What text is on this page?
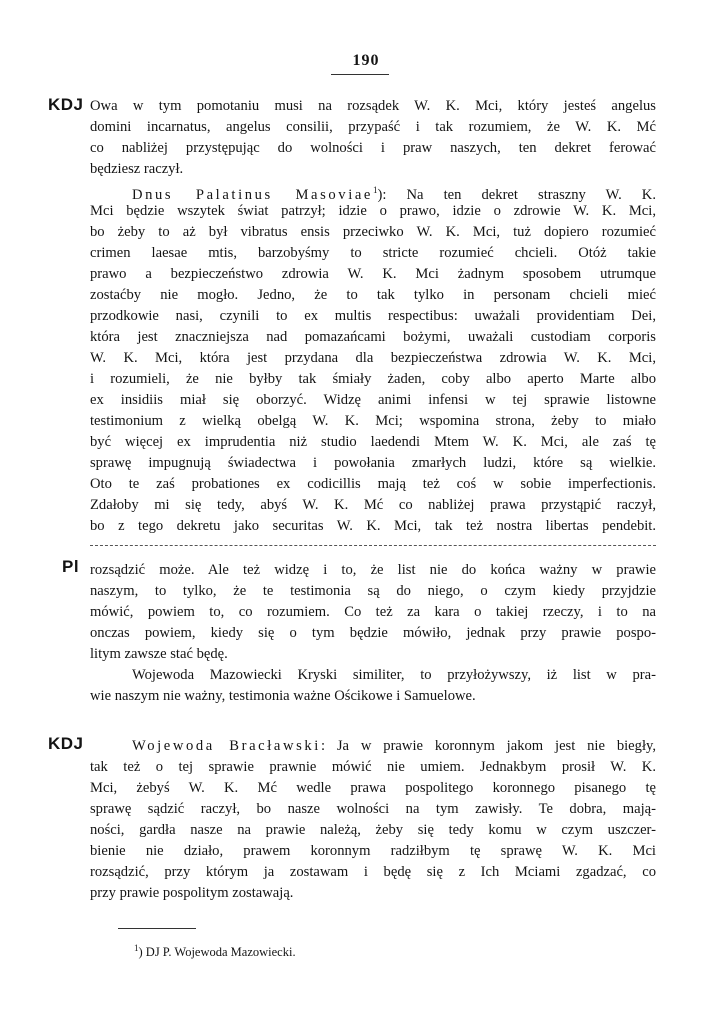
190
KDJ Owa w tym pomotaniu musi na rozsądek W. K. Mci, który jesteś angelus
domini incarnatus, angelus consilii, przypaść i tak rozumiem, że W. K. Mć
co nabliżej przystępując do wolności i praw naszych, ten dekret ferować
będziesz raczył.
Dnus Palatinus Masoviae$^1$): Na ten dekret straszny W. K.
Mci będzie wszytek świat patrzył; idzie o prawo, idzie o zdrowie W. K. Mci,
bo żeby to aż był vibratus ensis przeciwko W. K. Mci, tuż dopiero rozumieć
crimen laesae mtis, barzobyśmy to stricte rozumieć chcieli. Otóż takie
prawo a bezpieczeństwo zdrowia W. K. Mci żadnym sposobem utrumque
zostaćby nie mogło. Jedno, że to tak tylko in personam chcieli mieć
przodkowie nasi, czynili to ex multis respectibus: uważali providentiam Dei,
która jest znaczniejsza nad pomazańcami bożymi, uważali custodiam corporis
W. K. Mci, która jest przydana dla bezpieczeństwa zdrowia W. K. Mci,
i rozumieli, że nie byłby tak śmiały żaden, coby albo aperto Marte albo
ex insidiis miał się oborzyć. Widzę animi infensi w tej sprawie listowne
testimonium z wielką obelgą W. K. Mci; wspomina strona, żeby to miało
być więcej ex imprudentia niż studio laedendi Mtem W. K. Mci, ale zaś tę
sprawę impugnują świadectwa i powołania zmarłych ludzi, które są wielkie.
Oto te zaś probationes ex codicillis mają też coś w sobie imperfectionis.
Zdałoby mi się tedy, abyś W. K. Mć co nabliżej prawa przystąpić raczył,
bo z tego dekretu jako securitas W. K. Mci, tak też nostra libertas pendebit.
Pl rozsądzić może. Ale też widzę i to, że list nie do końca ważny w prawie
naszym, to tylko, że te testimonia są do niego, o czym kiedy przyjdzie
mówić, powiem to, co rozumiem. Co też za kara o takiej rzeczy, i to na
onczas powiem, kiedy się o tym będzie mówiło, jednak przy prawie pospo-
litym zawsze stać będę.
Wojewoda Mazowiecki Kryski similiter, to przyłożywszy, iż list w pra-
wie naszym nie ważny, testimonia ważne Ościkowe i Samuelowe.
KDJ	Wojewoda Bracławski: Ja w prawie koronnym jakom jest nie biegły,
tak też o tej sprawie prawnie mówić nie umiem. Jednakbym prosił W. K.
Mci, żebyś W. K. Mć wedle prawa pospolitego koronnego pisanego tę
sprawę sądzić raczył, bo nasze wolności na tym zawisły. Te dobra, mają-
ności, gardła nasze na prawie należą, żeby się tedy komu w czym uszczer-
bienie nie działo, prawem koronnym radziłbym tę sprawę W. K. Mci
rozsądzić, przy którym ja zostawam i będę się z Ich Mciami zgadzać, co
przy prawie pospolitym zostawają.
$^1$) DJ P. Wojewoda Mazowiecki.
